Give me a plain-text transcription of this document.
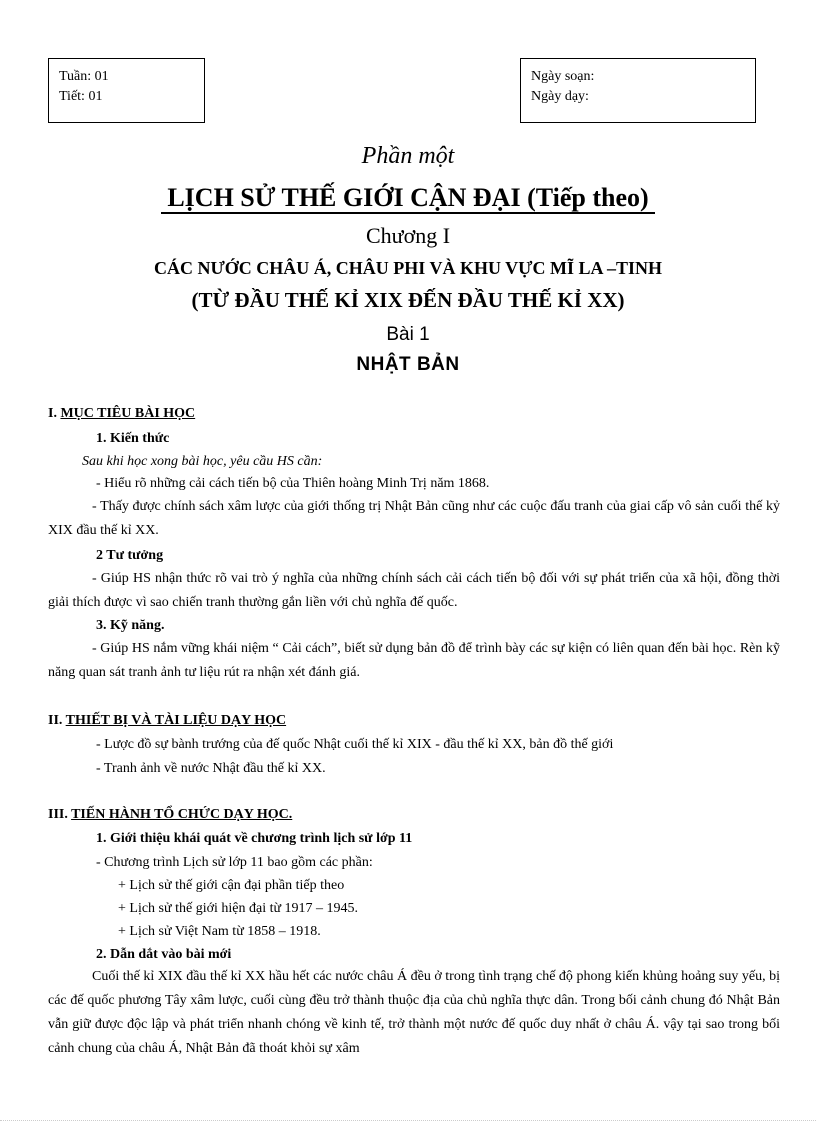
Tuần: 01
Tiết: 01
Ngày soạn:
Ngày dạy:
Phần một
LỊCH SỬ THẾ GIỚI CẬN ĐẠI (Tiếp theo)
Chương I
CÁC NƯỚC CHÂU Á, CHÂU PHI VÀ KHU VỰC MĨ LA –TINH
(TỪ ĐẦU THẾ KỈ XIX ĐẾN ĐẦU THẾ KỈ XX)
Bài 1
NHẬT BẢN
I. MỤC TIÊU BÀI HỌC
1. Kiến thức
Sau khi học xong bài học, yêu cầu HS cần:
- Hiểu rõ những cải cách tiến bộ của Thiên hoàng Minh Trị năm 1868.
- Thấy được chính sách xâm lược của giới thống trị Nhật Bản cũng như các cuộc đấu tranh của giai cấp vô sản cuối thế kỷ XIX đầu thế kỉ XX.
2 Tư tưởng
- Giúp HS nhận thức rõ vai trò ý nghĩa của những chính sách cải cách tiến bộ đối với sự phát triển của xã hội, đồng thời giải thích được vì sao chiến tranh thường gắn liền với chủ nghĩa đế quốc.
3. Kỹ năng.
- Giúp HS nắm vững khái niệm “ Cải cách”, biết sử dụng bản đồ để trình bày các sự kiện có liên quan đến bài học. Rèn kỹ năng quan sát tranh ảnh tư liệu rút ra nhận xét đánh giá.
II. THIẾT BỊ VÀ TÀI LIỆU DẠY HỌC
- Lược đồ sự bành trướng của đế quốc Nhật cuối thế kỉ XIX - đầu thế kỉ XX, bản đồ thế giới
- Tranh ảnh về nước Nhật đầu thế kỉ XX.
III. TIẾN HÀNH TỔ CHỨC DẠY HỌC.
1. Giới thiệu khái quát về chương trình lịch sử lớp 11
- Chương trình Lịch sử lớp 11 bao gồm các phần:
+ Lịch sử thế giới cận đại phần tiếp theo
+ Lịch sử thế giới hiện đại từ 1917 – 1945.
+ Lịch sử Việt Nam từ 1858 – 1918.
2. Dẫn dắt vào bài mới
Cuối thế kỉ XIX đầu thế kỉ XX hầu hết các nước châu Á đều ở trong tình trạng chế độ phong kiến khủng hoảng suy yếu, bị các đế quốc phương Tây xâm lược, cuối cùng đều trở thành thuộc địa của chủ nghĩa thực dân. Trong bối cảnh chung đó Nhật Bản vẫn giữ được độc lập và phát triển nhanh chóng về kinh tế, trở thành một nước đế quốc duy nhất ở châu Á. vậy tại sao trong bối cảnh chung của châu Á, Nhật Bản đã thoát khỏi sự xâm
